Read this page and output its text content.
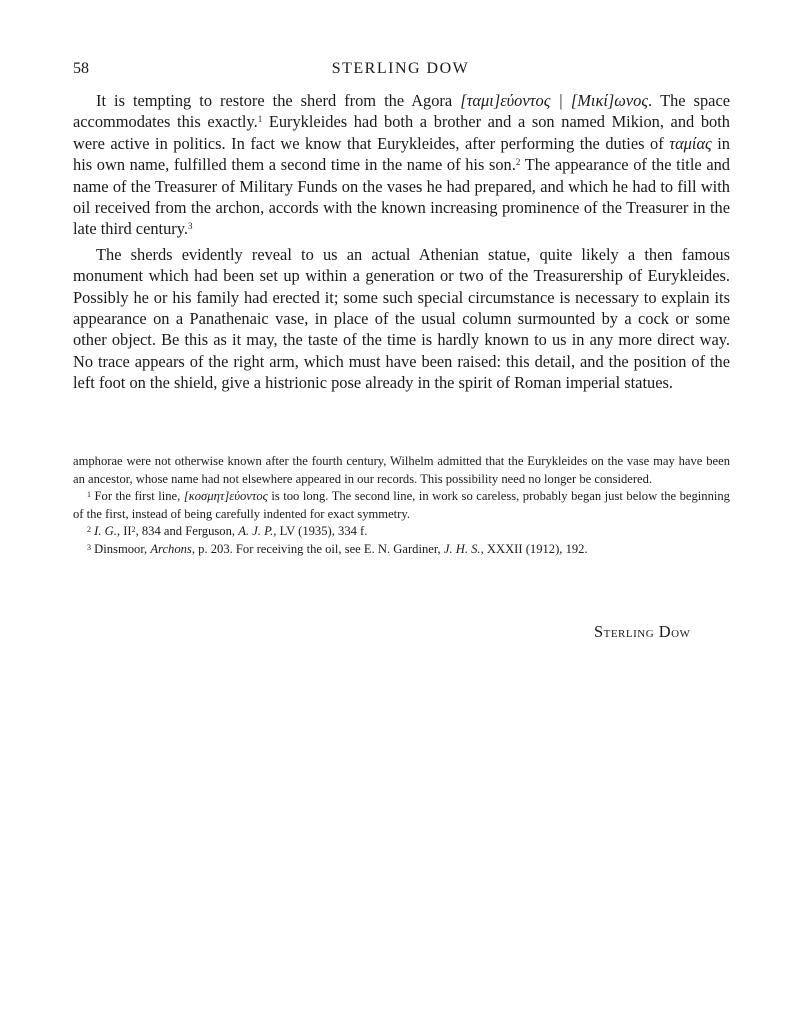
58	STERLING DOW

It is tempting to restore the sherd from the Agora [ταμι]εύοντος | [Μικί]ωνος. The space accommodates this exactly.$^1$ Eurykleides had both a brother and a son named Mikion, and both were active in politics. In fact we know that Eurykleides, after performing the duties of ταμίας in his own name, fulfilled them a second time in the name of his son.$^2$ The appearance of the title and name of the Treasurer of Military Funds on the vases he had prepared, and which he had to fill with oil received from the archon, accords with the known increasing prominence of the Treasurer in the late third century.$^3$

The sherds evidently reveal to us an actual Athenian statue, quite likely a then famous monument which had been set up within a generation or two of the Treasurership of Eurykleides. Possibly he or his family had erected it; some such special circumstance is necessary to explain its appearance on a Panathenaic vase, in place of the usual column surmounted by a cock or some other object. Be this as it may, the taste of the time is hardly known to us in any more direct way. No trace appears of the right arm, which must have been raised: this detail, and the position of the left foot on the shield, give a histrionic pose already in the spirit of Roman imperial statues.

amphorae were not otherwise known after the fourth century, Wilhelm admitted that the Eurykleides on the vase may have been an ancestor, whose name had not elsewhere appeared in our records. This possibility need no longer be considered.

$^1$ For the first line, [κοσμητ]εύοντος is too long. The second line, in work so careless, probably began just below the beginning of the first, instead of being carefully indented for exact symmetry.

$^2$ I. G., $II^2$, 834 and Ferguson, A. J. P., LV (1935), 334 f.

$^3$ Dinsmoor, Archons, p. 203. For receiving the oil, see E. N. Gardiner, J. H. S., XXXII (1912), 192.

Sterling Dow
